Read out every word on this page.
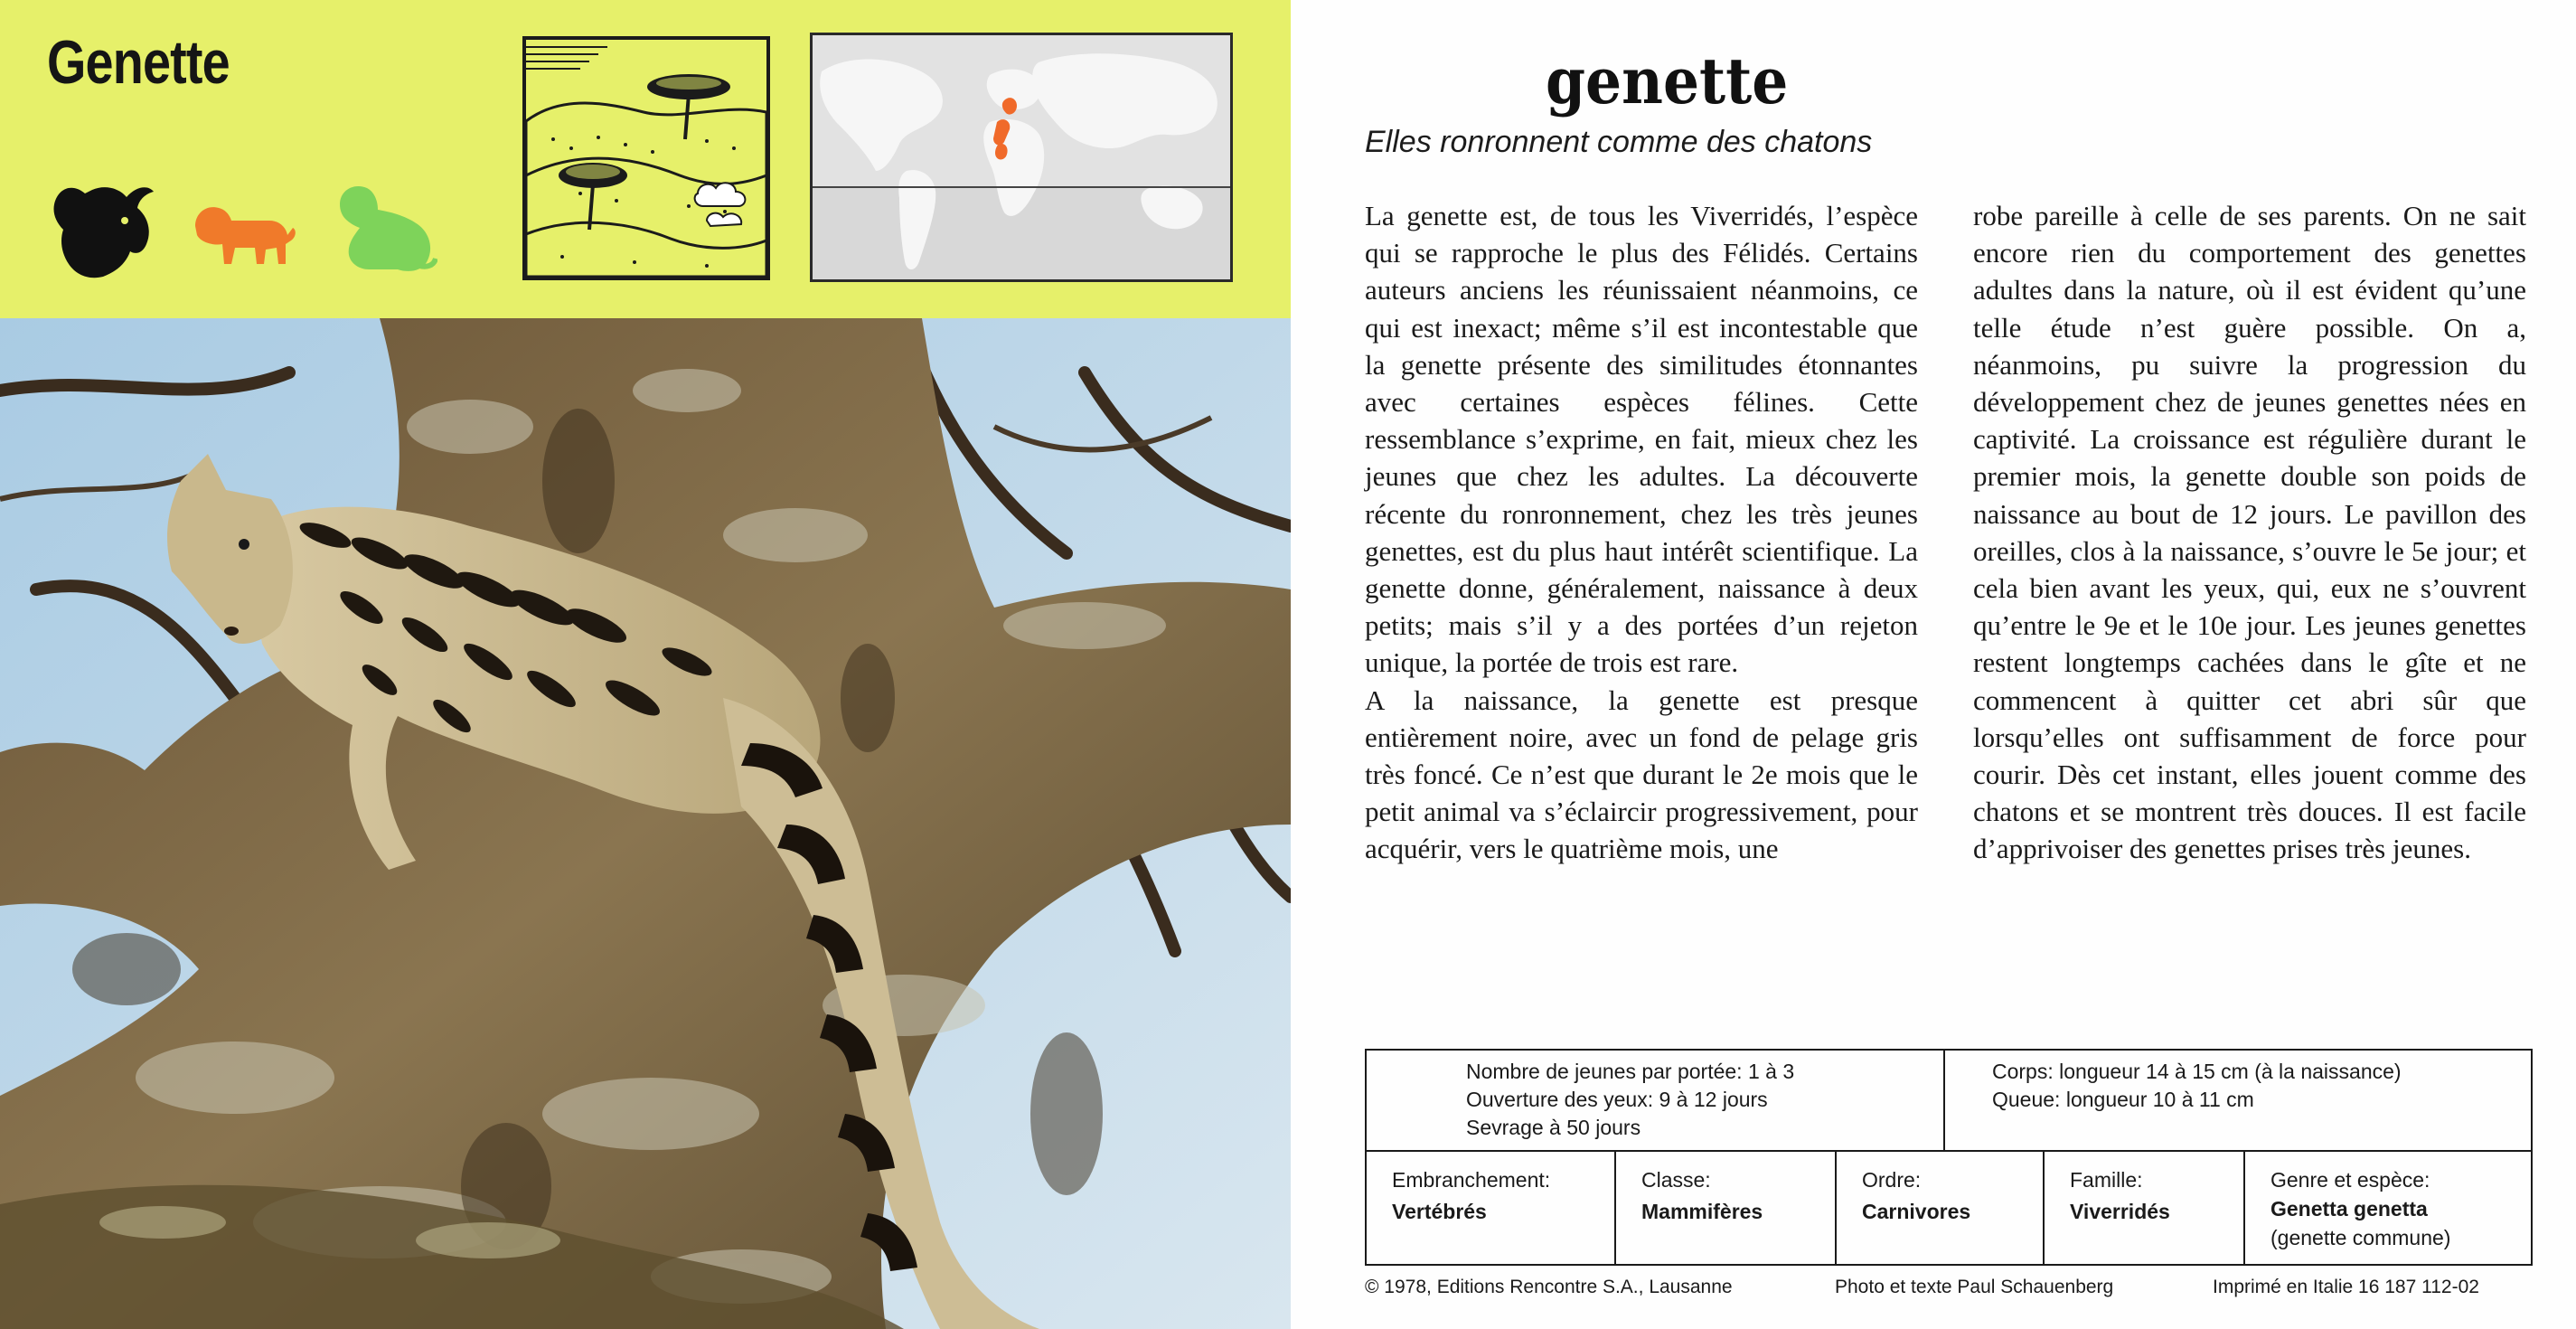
Genette	genette
Elles ronronnent comme des chatons

La genette est, de tous les Viverridés, l’espèce qui se rapproche le plus des Félidés. Certains auteurs anciens les réunissaient néanmoins, ce qui est inexact; même s’il est incontestable que la genette présente des similitudes étonnantes avec certaines espèces félines. Cette ressemblance s’exprime, en fait, mieux chez les jeunes que chez les adultes. La découverte récente du ronronnement, chez les très jeunes genettes, est du plus haut intérêt scientifique. La genette donne, généralement, naissance à deux petits; mais s’il y a des portées d’un rejeton unique, la portée de trois est rare.

A la naissance, la genette est presque entièrement noire, avec un fond de pelage gris très foncé. Ce n’est que durant le 2e mois que le petit animal va s’éclaircir progressivement, pour acquérir, vers le quatrième mois, une

robe pareille à celle de ses parents. On ne sait encore rien du comportement des genettes adultes dans la nature, où il est évident qu’une telle étude n’est guère possible. On a, néanmoins, pu suivre la progression du développement chez de jeunes genettes nées en captivité. La croissance est régulière durant le premier mois, la genette double son poids de naissance au bout de 12 jours. Le pavillon des oreilles, clos à la naissance, s’ouvre le 5e jour; et cela bien avant les yeux, qui, eux ne s’ouvrent qu’entre le 9e et le 10e jour. Les jeunes genettes restent longtemps cachées dans le gîte et ne commencent à quitter cet abri sûr que lorsqu’elles ont suffisamment de force pour courir. Dès cet instant, elles jouent comme des chatons et se montrent très douces. Il est facile d’apprivoiser des genettes prises très jeunes.

Nombre de jeunes par portée: 1 à 3
Ouverture des yeux: 9 à 12 jours
Sevrage à 50 jours
Corps: longueur 14 à 15 cm (à la naissance)
Queue: longueur 10 à 11 cm
Embranchement:
Vertébrés
Classe:
Mammifères
Ordre:
Carnivores
Famille:
Viverridés
Genre et espèce:
Genetta genetta
(genette commune)
© 1978, Editions Rencontre S.A., Lausanne	Photo et texte Paul Schauenberg	Imprimé en Italie 16 187 112-02
